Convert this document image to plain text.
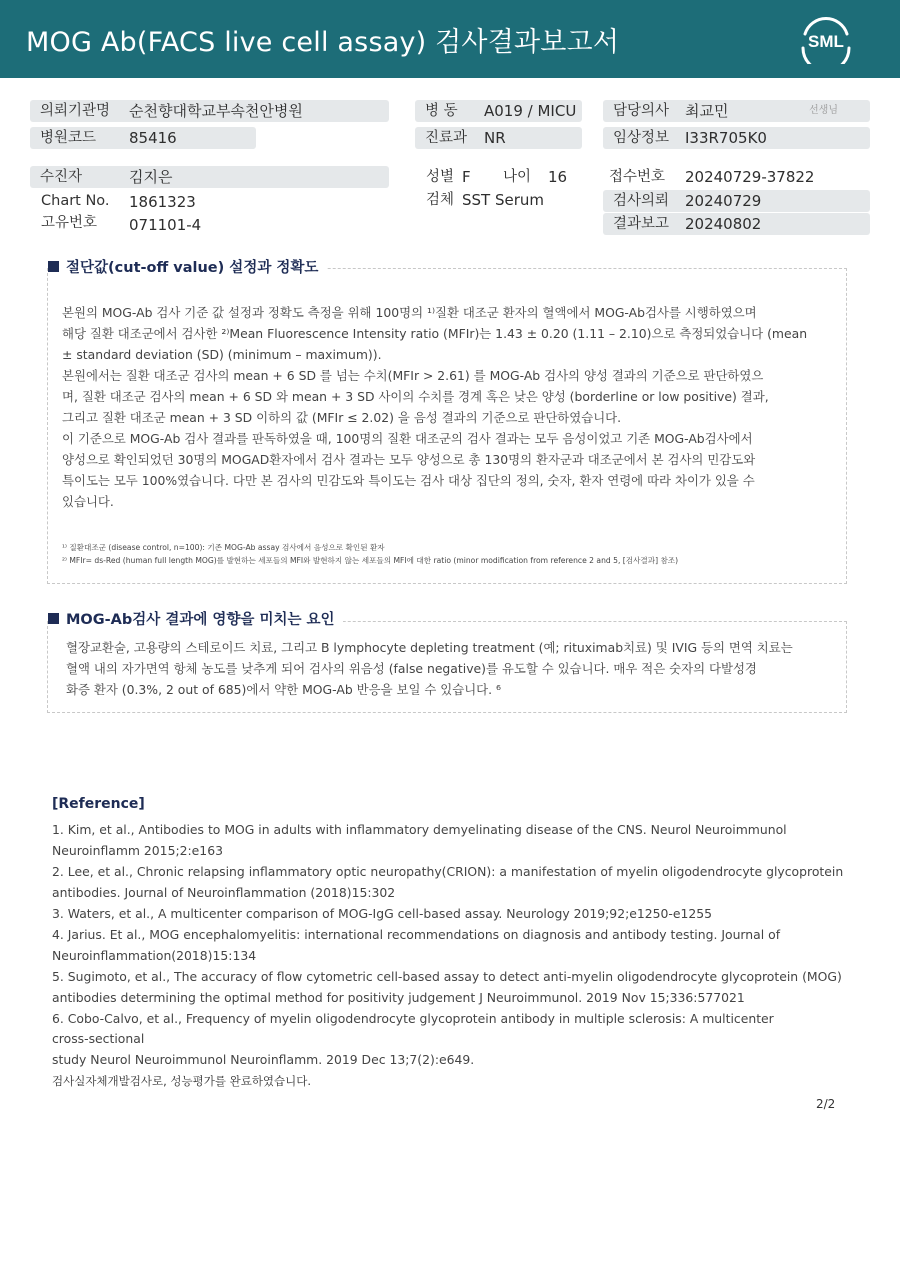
MOG Ab(FACS live cell assay) 검사결과보고서	SML
의뢰기관명	순천향대학교부속천안병원
병원코드	85416
병 동	A019 / MICU
진료과	NR
담당의사	최교민	선생님
임상정보	I33R705K0
수진자	김지은
Chart No. 1861323
고유번호 071101-4
성별 F 나이 16
검체 SST Serum
접수번호 20240729-37822
검사의뢰	20240729
결과보고	20240802
절단값(cut-off value) 설정과 정확도
본원의 MOG-Ab 검사 기준 값 설정과 정확도 측정을 위해 100명의 ¹⁾질환 대조군 환자의 혈액에서 MOG-Ab검사를 시행하였으며
해당 질환 대조군에서 검사한 ²⁾Mean Fluorescence Intensity ratio (MFIr)는 1.43 ± 0.20 (1.11 – 2.10)으로 측정되었습니다 (mean
± standard deviation (SD) (minimum – maximum)).
본원에서는 질환 대조군 검사의 mean + 6 SD 를 넘는 수치(MFIr > 2.61) 를 MOG-Ab 검사의 양성 결과의 기준으로 판단하였으
며, 질환 대조군 검사의 mean + 6 SD 와 mean + 3 SD 사이의 수치를 경계 혹은 낮은 양성 (borderline or low positive) 결과,
그리고 질환 대조군 mean + 3 SD 이하의 값 (MFIr ≤ 2.02) 을 음성 결과의 기준으로 판단하였습니다.
이 기준으로 MOG-Ab 검사 결과를 판독하였을 때, 100명의 질환 대조군의 검사 결과는 모두 음성이었고 기존 MOG-Ab검사에서
양성으로 확인되었던 30명의 MOGAD환자에서 검사 결과는 모두 양성으로 총 130명의 환자군과 대조군에서 본 검사의 민감도와
특이도는 모두 100%였습니다. 다만 본 검사의 민감도와 특이도는 검사 대상 집단의 정의, 숫자, 환자 연령에 따라 차이가 있을 수
있습니다.
¹⁾ 질환대조군 (disease control, n=100): 기존 MOG-Ab assay 검사에서 음성으로 확인된 환자
²⁾ MFIr= ds-Red (human full length MOG)를 발현하는 세포들의 MFI와 발현하지 않는 세포들의 MFI에 대한 ratio (minor modification from reference 2 and 5, [검사결과] 참조)
MOG-Ab검사 결과에 영향을 미치는 요인
혈장교환술, 고용량의 스테로이드 치료, 그리고 B lymphocyte depleting treatment (예; rituximab치료) 및 IVIG 등의 면역 치료는
혈액 내의 자가면역 항체 농도를 낮추게 되어 검사의 위음성 (false negative)를 유도할 수 있습니다. 매우 적은 숫자의 다발성경
화증 환자 (0.3%, 2 out of 685)에서 약한 MOG-Ab 반응을 보일 수 있습니다. ⁶
[Reference]
1. Kim, et al., Antibodies to MOG in adults with inflammatory demyelinating disease of the CNS. Neurol Neuroimmunol
Neuroinflamm 2015;2:e163
2. Lee, et al., Chronic relapsing inflammatory optic neuropathy(CRION): a manifestation of myelin oligodendrocyte glycoprotein
antibodies. Journal of Neuroinflammation (2018)15:302
3. Waters, et al., A multicenter comparison of MOG-IgG cell-based assay. Neurology 2019;92;e1250-e1255
4. Jarius. Et al., MOG encephalomyelitis: international recommendations on diagnosis and antibody testing. Journal of
Neuroinflammation(2018)15:134
5. Sugimoto, et al., The accuracy of flow cytometric cell-based assay to detect anti-myelin oligodendrocyte glycoprotein (MOG)
antibodies determining the optimal method for positivity judgement J Neuroimmunol. 2019 Nov 15;336:577021
6. Cobo-Calvo, et al., Frequency of myelin oligodendrocyte glycoprotein antibody in multiple sclerosis: A multicenter
cross-sectional
study Neurol Neuroimmunol Neuroinflamm. 2019 Dec 13;7(2):e649.
검사실자체개발검사로, 성능평가를 완료하였습니다.
2/2
